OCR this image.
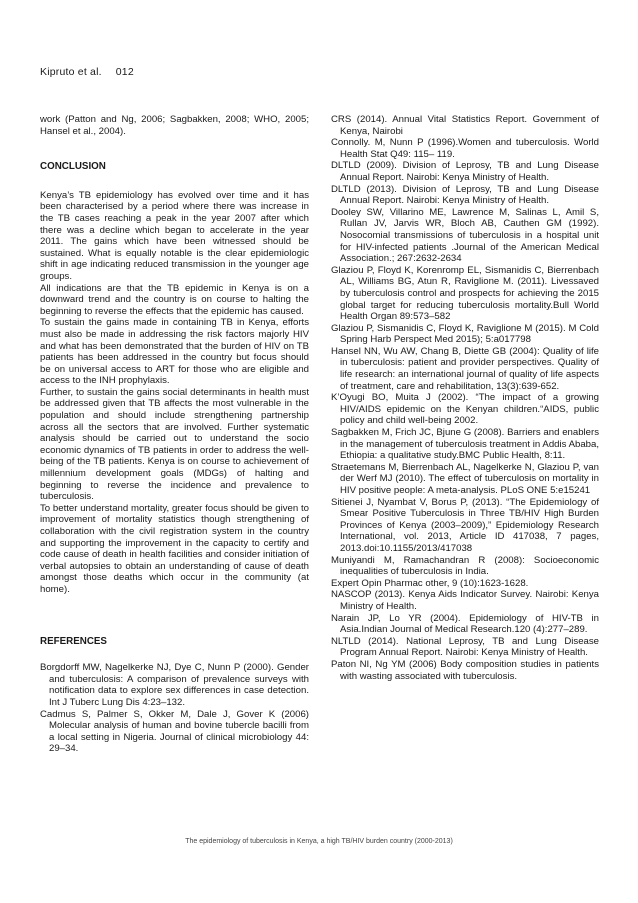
Kipruto et al. 012

work (Patton and Ng, 2006; Sagbakken, 2008; WHO, 2005; Hansel et al., 2004).

CONCLUSION

Kenya’s TB epidemiology has evolved over time and it has been characterised by a period where there was increase in the TB cases reaching a peak in the year 2007 after which there was a decline which began to accelerate in the year 2011. The gains which have been witnessed should be sustained. What is equally notable is the clear epidemiologic shift in age indicating reduced transmission in the younger age groups.

All indications are that the TB epidemic in Kenya is on a downward trend and the country is on course to halting the beginning to reverse the effects that the epidemic has caused.

To sustain the gains made in containing TB in Kenya, efforts must also be made in addressing the risk factors majorly HIV and what has been demonstrated that the burden of HIV on TB patients has been addressed in the country but focus should be on universal access to ART for those who are eligible and access to the INH prophylaxis.

Further, to sustain the gains social determinants in health must be addressed given that TB affects the most vulnerable in the population and should include strengthening partnership across all the sectors that are involved. Further systematic analysis should be carried out to understand the socio economic dynamics of TB patients in order to address the well-being of the TB patients. Kenya is on course to achievement of millennium development goals (MDGs) of halting and beginning to reverse the incidence and prevalence to tuberculosis.

To better understand mortality, greater focus should be given to improvement of mortality statistics though strengthening of collaboration with the civil registration system in the country and supporting the improvement in the capacity to certify and code cause of death in health facilities and consider initiation of verbal autopsies to obtain an understanding of cause of death amongst those deaths which occur in the community (at home).

REFERENCES

Borgdorff MW, Nagelkerke NJ, Dye C, Nunn P (2000). Gender and tuberculosis: A comparison of prevalence surveys with notification data to explore sex differences in case detection. Int J Tuberc Lung Dis 4:23–132.

Cadmus S, Palmer S, Okker M, Dale J, Gover K (2006) Molecular analysis of human and bovine tubercle bacilli from a local setting in Nigeria. Journal of clinical microbiology 44: 29–34.

CRS (2014). Annual Vital Statistics Report. Government of Kenya, Nairobi

Connolly. M, Nunn P (1996).Women and tuberculosis. World Health Stat Q49: 115– 119.

DLTLD (2009). Division of Leprosy, TB and Lung Disease Annual Report. Nairobi: Kenya Ministry of Health.

DLTLD (2013). Division of Leprosy, TB and Lung Disease Annual Report. Nairobi: Kenya Ministry of Health.

Dooley SW, Villarino ME, Lawrence M, Salinas L, Amil S, Rullan JV, Jarvis WR, Bloch AB, Cauthen GM (1992). Nosocomial transmissions of tuberculosis in a hospital unit for HIV-infected patients .Journal of the American Medical Association.; 267:2632-2634

Glaziou P, Floyd K, Korenromp EL, Sismanidis C, Bierrenbach AL, Williams BG, Atun R, Raviglione M. (2011). Livessaved by tuberculosis control and prospects for achieving the 2015 global target for reducing tuberculosis mortality.Bull World Health Organ 89:573–582

Glaziou P, Sismanidis C, Floyd K, Raviglione M (2015). M Cold Spring Harb Perspect Med 2015); 5:a017798

Hansel NN, Wu AW, Chang B, Diette GB (2004): Quality of life in tuberculosis: patient and provider perspectives. Quality of life research: an international journal of quality of life aspects of treatment, care and rehabilitation, 13(3):639-652.

K’Oyugi BO, Muita J (2002). “The impact of a growing HIV/AIDS epidemic on the Kenyan children.“AIDS, public policy and child well-being 2002.

Sagbakken M, Frich JC, Bjune G (2008). Barriers and enablers in the management of tuberculosis treatment in Addis Ababa, Ethiopia: a qualitative study.BMC Public Health, 8:11.

Straetemans M, Bierrenbach AL, Nagelkerke N, Glaziou P, van der Werf MJ (2010). The effect of tuberculosis on mortality in HIV positive people: A meta-analysis. PLoS ONE 5:e15241

Sitienei J, Nyambat V, Borus P, (2013). “The Epidemiology of Smear Positive Tuberculosis in Three TB/HIV High Burden Provinces of Kenya (2003–2009),” Epidemiology Research International, vol. 2013, Article ID 417038, 7 pages, 2013.doi:10.1155/2013/417038

Muniyandi M, Ramachandran R (2008): Socioeconomic inequalities of tuberculosis in India.

Expert Opin Pharmac other, 9 (10):1623-1628.

NASCOP (2013). Kenya Aids Indicator Survey. Nairobi: Kenya Ministry of Health.

Narain JP, Lo YR (2004). Epidemiology of HIV-TB in Asia.Indian Journal of Medical Research.120 (4):277–289.

NLTLD (2014). National Leprosy, TB and Lung Disease Program Annual Report. Nairobi: Kenya Ministry of Health.

Paton NI, Ng YM (2006) Body composition studies in patients with wasting associated with tuberculosis.

The epidemiology of tuberculosis in Kenya, a high TB/HIV burden country (2000-2013)
